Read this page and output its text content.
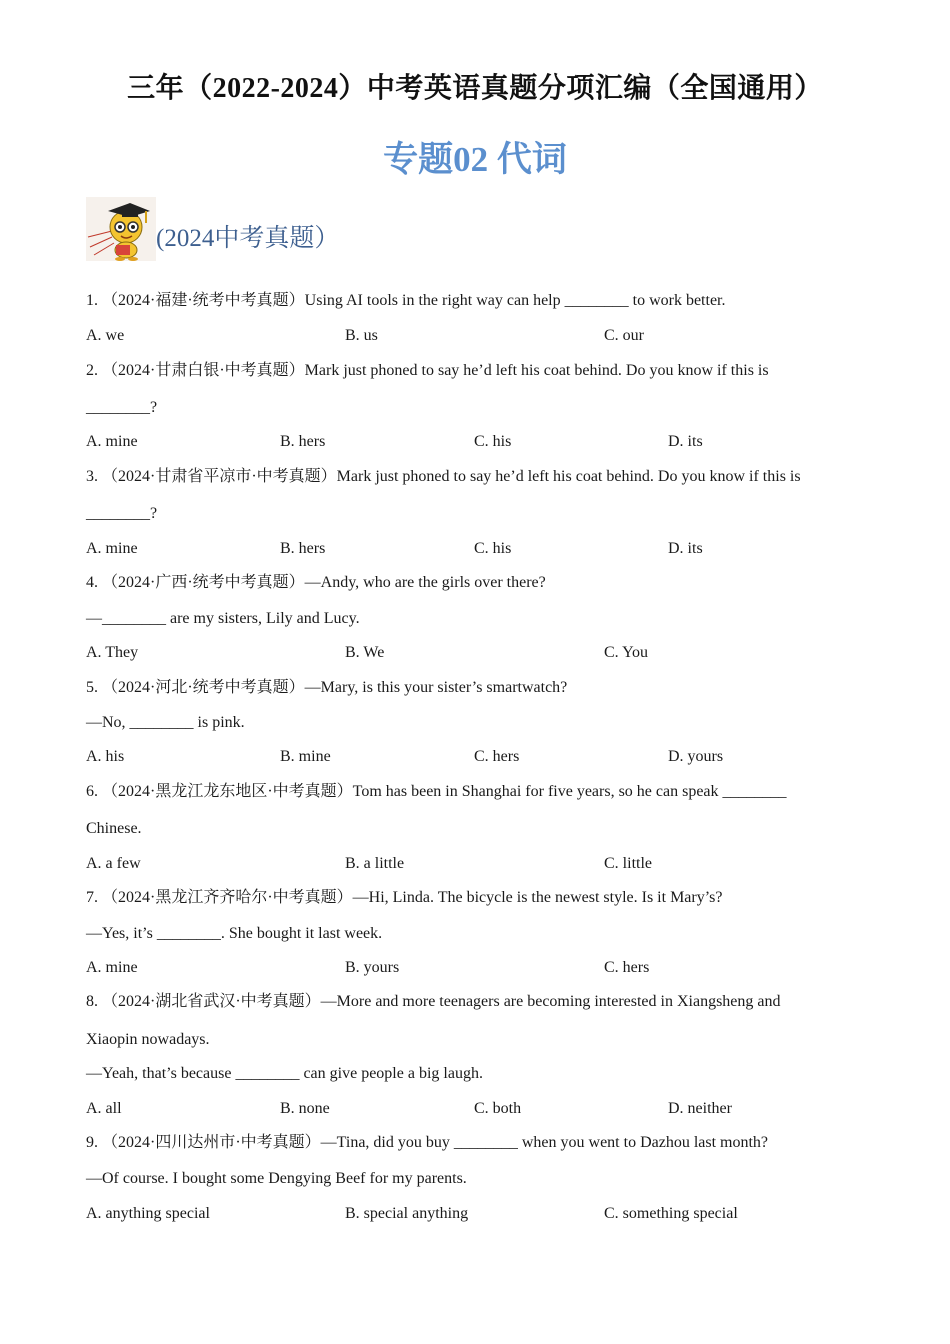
三年（2022-2024）中考英语真题分项汇编（全国通用）
专题02 代词
(2024中考真题）
1. （2024·福建·统考中考真题）Using AI tools in the right way can help ________ to work better.
A. we	B. us	C. our
2. （2024·甘肃白银·中考真题）Mark just phoned to say he’d left his coat behind. Do you know if this is
________?
A. mine	B. hers	C. his	D. its
3. （2024·甘肃省平凉市·中考真题）Mark just phoned to say he’d left his coat behind. Do you know if this is
________?
A. mine	B. hers	C. his	D. its
4. （2024·广西·统考中考真题）—Andy, who are the girls over there?
—________ are my sisters, Lily and Lucy.
A. They	B. We	C. You
5. （2024·河北·统考中考真题）—Mary, is this your sister’s smartwatch?
—No, ________ is pink.
A. his	B. mine	C. hers	D. yours
6. （2024·黑龙江龙东地区·中考真题）Tom has been in Shanghai for five years, so he can speak ________
Chinese.
A. a few	B. a little	C. little
7. （2024·黑龙江齐齐哈尔·中考真题）—Hi, Linda. The bicycle is the newest style. Is it Mary’s?
—Yes, it’s ________. She bought it last week.
A. mine	B. yours	C. hers
8. （2024·湖北省武汉·中考真题）—More and more teenagers are becoming interested in Xiangsheng and
Xiaopin nowadays.
—Yeah, that’s because ________ can give people a big laugh.
A. all	B. none	C. both	D. neither
9. （2024·四川达州市·中考真题）—Tina, did you buy ________ when you went to Dazhou last month?
—Of course. I bought some Dengying Beef for my parents.
A. anything special	B. special anything	C. something special
